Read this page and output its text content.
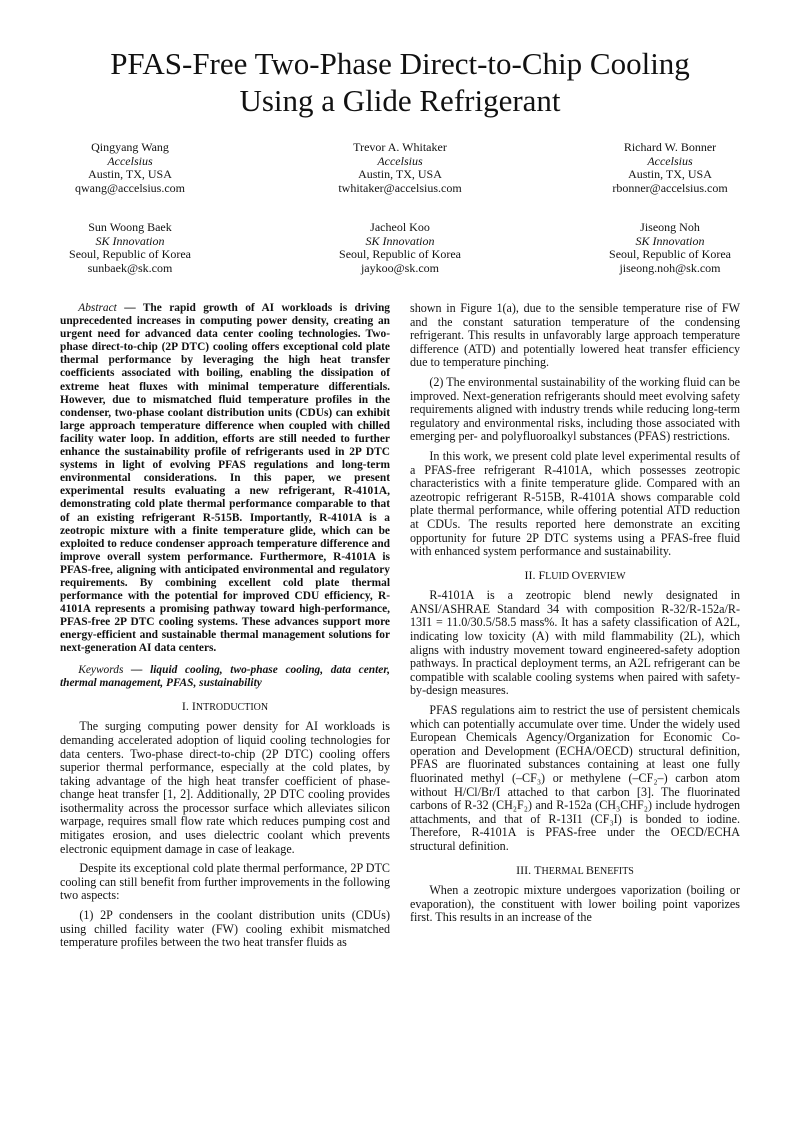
PFAS-Free Two-Phase Direct-to-Chip Cooling
Using a Glide Refrigerant
Qingyang Wang
Accelsius
Austin, TX, USA
qwang@accelsius.com
Trevor A. Whitaker
Accelsius
Austin, TX, USA
twhitaker@accelsius.com
Richard W. Bonner
Accelsius
Austin, TX, USA
rbonner@accelsius.com
Sun Woong Baek
SK Innovation
Seoul, Republic of Korea
sunbaek@sk.com
Jacheol Koo
SK Innovation
Seoul, Republic of Korea
jaykoo@sk.com
Jiseong Noh
SK Innovation
Seoul, Republic of Korea
jiseong.noh@sk.com

Abstract — The rapid growth of AI workloads is driving unprecedented increases in computing power density, creating an urgent need for advanced data center cooling technologies. Two-phase direct-to-chip (2P DTC) cooling offers exceptional cold plate thermal performance by leveraging the high heat transfer coefficients associated with boiling, enabling the dissipation of extreme heat fluxes with minimal temperature differentials. However, due to mismatched fluid temperature profiles in the condenser, two-phase coolant distribution units (CDUs) can exhibit large approach temperature difference when coupled with chilled facility water loop. In addition, efforts are still needed to further enhance the sustainability profile of refrigerants used in 2P DTC systems in light of evolving PFAS regulations and long-term environmental considerations. In this paper, we present experimental results evaluating a new refrigerant, R-4101A, demonstrating cold plate thermal performance comparable to that of an existing refrigerant R-515B. Importantly, R-4101A is a zeotropic mixture with a finite temperature glide, which can be exploited to reduce condenser approach temperature difference and improve overall system performance. Furthermore, R-4101A is PFAS-free, aligning with anticipated environmental and regulatory requirements. By combining excellent cold plate thermal performance with the potential for improved CDU efficiency, R-4101A represents a promising pathway toward high-performance, PFAS-free 2P DTC cooling systems. These advances support more energy-efficient and sustainable thermal management solutions for next-generation AI data centers.

Keywords — liquid cooling, two-phase cooling, data center, thermal management, PFAS, sustainability

I. INTRODUCTION

The surging computing power density for AI workloads is demanding accelerated adoption of liquid cooling technologies for data centers. Two-phase direct-to-chip (2P DTC) cooling offers superior thermal performance, especially at the cold plates, by taking advantage of the high heat transfer coefficient of phase-change heat transfer [1, 2]. Additionally, 2P DTC cooling provides isothermality across the processor surface which alleviates silicon warpage, requires small flow rate which reduces pumping cost and mitigates erosion, and uses dielectric coolant which prevents electronic equipment damage in case of leakage.

Despite its exceptional cold plate thermal performance, 2P DTC cooling can still benefit from further improvements in the following two aspects:

(1) 2P condensers in the coolant distribution units (CDUs) using chilled facility water (FW) cooling exhibit mismatched temperature profiles between the two heat transfer fluids as

shown in Figure 1(a), due to the sensible temperature rise of FW and the constant saturation temperature of the condensing refrigerant. This results in unfavorably large approach temperature difference (ATD) and potentially lowered heat transfer efficiency due to temperature pinching.

(2) The environmental sustainability of the working fluid can be improved. Next-generation refrigerants should meet evolving safety requirements aligned with industry trends while reducing long-term regulatory and environmental risks, including those associated with emerging per- and polyfluoroalkyl substances (PFAS) restrictions.

In this work, we present cold plate level experimental results of a PFAS-free refrigerant R-4101A, which possesses zeotropic characteristics with a finite temperature glide. Compared with an azeotropic refrigerant R-515B, R-4101A shows comparable cold plate thermal performance, while offering potential ATD reduction at CDUs. The results reported here demonstrate an exciting opportunity for future 2P DTC systems using a PFAS-free fluid with enhanced system performance and sustainability.

II. FLUID OVERVIEW

R-4101A is a zeotropic blend newly designated in ANSI/ASHRAE Standard 34 with composition R-32/R-152a/R-13I1 = 11.0/30.5/58.5 mass%. It has a safety classification of A2L, indicating low toxicity (A) with mild flammability (2L), which aligns with industry movement toward engineered-safety adoption pathways. In practical deployment terms, an A2L refrigerant can be compatible with scalable cooling systems when paired with safety-by-design measures.

PFAS regulations aim to restrict the use of persistent chemicals which can potentially accumulate over time. Under the widely used European Chemicals Agency/Organization for Economic Co-operation and Development (ECHA/OECD) structural definition, PFAS are fluorinated substances containing at least one fully fluorinated methyl (–CF₃) or methylene (–CF₂–) carbon atom without H/Cl/Br/I attached to that carbon [3]. The fluorinated carbons of R-32 (CH₂F₂) and R-152a (CH₃CHF₂) include hydrogen attachments, and that of R-13I1 (CF₃I) is bonded to iodine. Therefore, R-4101A is PFAS-free under the OECD/ECHA structural definition.

III. THERMAL BENEFITS

When a zeotropic mixture undergoes vaporization (boiling or evaporation), the constituent with lower boiling point vaporizes first. This results in an increase of the
